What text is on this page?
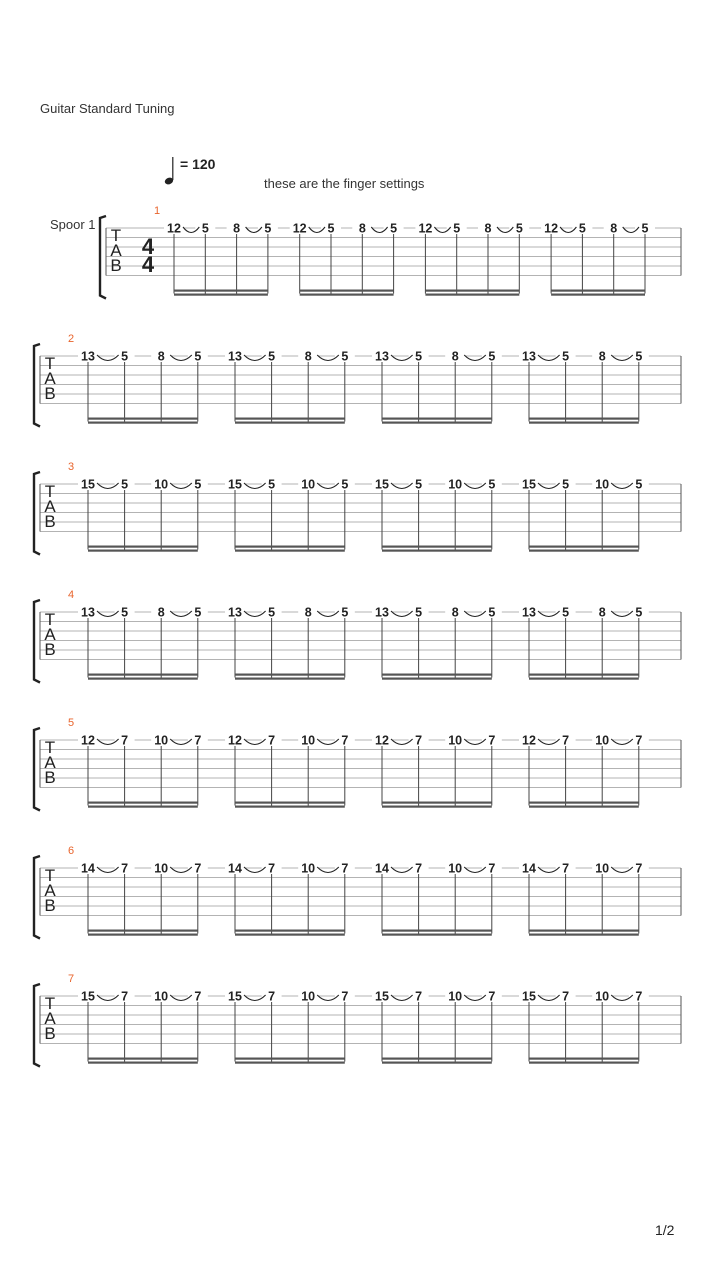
Guitar Standard Tuning
= 120
these are the finger settings
Spoor 1
T
A
B
4
4
1
12 5 8 5 12 5 8 5 12 5 8 5 12 5 8 5
T
A
B
2
13 5 8 5 13 5 8 5 13 5 8 5 13 5 8 5
T
A
B
3
15 5 10 5 15 5 10 5 15 5 10 5 15 5 10 5
T
A
B
4
13 5 8 5 13 5 8 5 13 5 8 5 13 5 8 5
T
A
B
5
12 7 10 7 12 7 10 7 12 7 10 7 12 7 10 7
T
A
B
6
14 7 10 7 14 7 10 7 14 7 10 7 14 7 10 7
T
A
B
7
15 7 10 7 15 7 10 7 15 7 10 7 15 7 10 7
1/2
